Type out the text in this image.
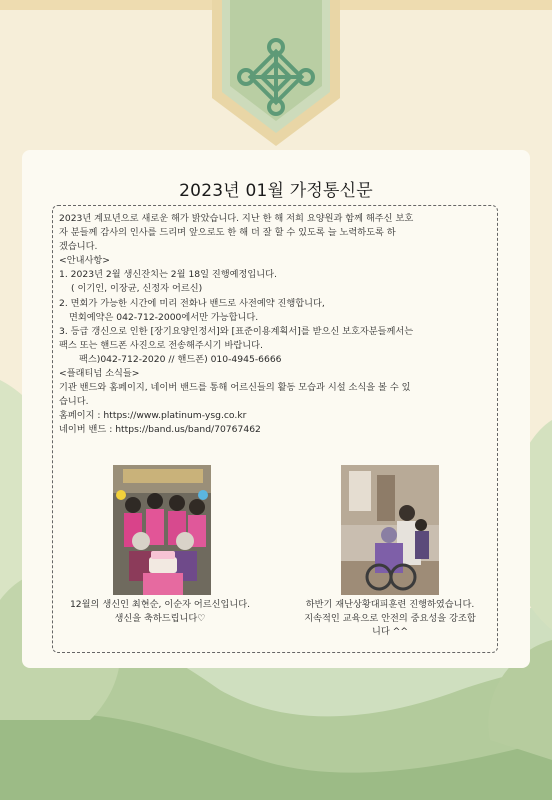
2023년 01월 가정통신문
2023년 계묘년으로 새로운 해가 밝았습니다. 지난 한 해 저희 요양원과 함께 해주신 보호
자 분들께 감사의 인사를 드리며 앞으로도 한 해 더 잘 할 수 있도록 늘 노력하도록 하
겠습니다.
<안내사항>
1. 2023년 2월 생신잔치는 2월 18일 진행예정입니다.
( 이기인, 이장균, 신정자 어르신)
2. 면회가 가능한 시간에 미리 전화나 밴드로 사전예약 진행합니다,
면회예약은 042-712-2000에서만 가능합니다.
3. 등급 갱신으로 인한 [장기요양인정서]와 [표준이용계획서]를 받으신 보호자분들께서는
팩스 또는 핸드폰 사진으로 전송해주시기 바랍니다.
팩스)042-712-2020 // 핸드폰) 010-4945-6666
<플래티넘 소식들>
기관 밴드와 홈페이지, 네이버 밴드를 통해 어르신들의 활동 모습과 시설 소식을 볼 수 있
습니다.
홈페이지 : https://www.platinum-ysg.co.kr
네이버 밴드 : https://band.us/band/70767462
12월의 생신인 최현순, 이순자 어르신입니다.
생신을 축하드립니다♡
하반기 재난상황대피훈련 진행하였습니다.
지속적인 교육으로 안전의 중요성을 강조합
니다 ^^
